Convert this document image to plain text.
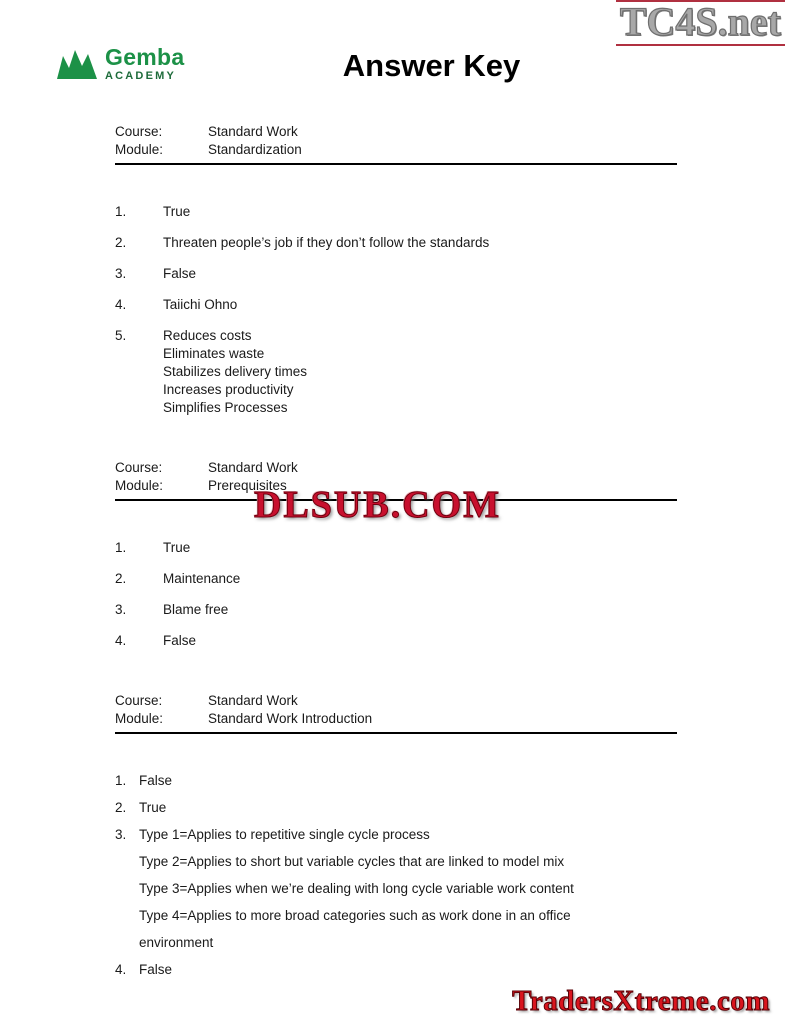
TC4S.net
Gemba
ACADEMY	Answer Key
Course:	Standard Work
Module:	Standardization
1.	True
2.	Threaten people’s job if they don’t follow the standards
3.	False
4.	Taiichi Ohno
5.	Reduces costs
Eliminates waste
Stabilizes delivery times
Increases productivity
Simplifies Processes
Course:	Standard Work
Module:	Prerequisites
1.	True
2.	Maintenance
3.	Blame free
4.	False
Course:	Standard Work
Module:	Standard Work Introduction
1. False
2. True
3. Type 1=Applies to repetitive single cycle process
Type 2=Applies to short but variable cycles that are linked to model mix
Type 3=Applies when we’re dealing with long cycle variable work content
Type 4=Applies to more broad categories such as work done in an office
environment
4. False
DLSUB.COM
TradersXtreme.com
